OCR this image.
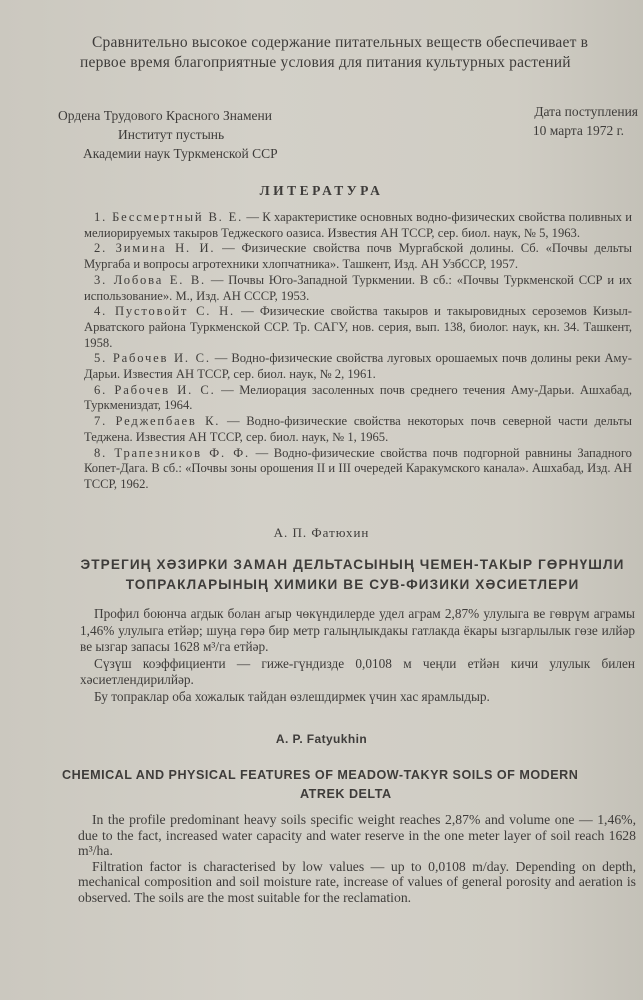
Сравнительно высокое содержание питательных веществ обеспечивает в первое время благоприятные условия для питания культурных растений
Ордена Трудового Красного Знамени
Институт пустынь
Академии наук Туркменской ССР
Дата поступления
10 марта 1972 г.
ЛИТЕРАТУРА
1. Бессмертный В. Е. — К характеристике основных водно-физических свойства поливных и мелиорируемых такыров Теджеского оазиса. Известия АН ТССР, сер. биол. наук, № 5, 1963.
2. Зимина Н. И. — Физические свойства почв Мургабской долины. Сб. «Почвы дельты Мургаба и вопросы агротехники хлопчатника». Ташкент, Изд. АН УзбССР, 1957.
3. Лобова Е. В. — Почвы Юго-Западной Туркмении. В сб.: «Почвы Туркменской ССР и их использование». М., Изд. АН СССР, 1953.
4. Пустовойт С. Н. — Физические свойства такыров и такыровидных сероземов Кизыл-Арватского района Туркменской ССР. Тр. САГУ, нов. серия, вып. 138, биолог. наук, кн. 34. Ташкент, 1958.
5. Рабочев И. С. — Водно-физические свойства луговых орошаемых почв долины реки Аму-Дарьи. Известия АН ТССР, сер. биол. наук, № 2, 1961.
6. Рабочев И. С. — Мелиорация засоленных почв среднего течения Аму-Дарьи. Ашхабад, Туркмениздат, 1964.
7. Реджепбаев К. — Водно-физические свойства некоторых почв северной части дельты Теджена. Известия АН ТССР, сер. биол. наук, № 1, 1965.
8. Трапезников Ф. Ф. — Водно-физические свойства почв подгорной равнины Западного Копет-Дага. В сб.: «Почвы зоны орошения II и III очередей Каракумского канала». Ашхабад, Изд. АН ТССР, 1962.
А. П. Фатюхин
ЭТРЕГИҢ ХӘЗИРКИ ЗАМАН ДЕЛЬТАСЫНЫҢ ЧЕМЕН-ТАКЫР ГӨРНҮШЛИ ТОПРАКЛАРЫНЫҢ ХИМИКИ ВЕ СУВ-ФИЗИКИ ХӘСИЕТЛЕРИ

Профил боюнча агдык болан агыр чөкүндилерде удел аграм 2,87% улулыга ве гөврүм аграмы 1,46% улулыга етйәр; шуңа гөрә бир метр галыңлыкдакы гатлакда ёкары ызгарлылык гөзе илйәр ве ызгар запасы 1628 м³/га етйәр.

Сүзүш коэффициенти — гиже-гүндизде 0,0108 м чеңли етйән кичи улулык билен хәсиетлендирилйәр.

Бу топраклар оба хожалык тайдан өзлешдирмек үчин хас ярамлыдыр.

A. P. Fatyukhin
CHEMICAL AND PHYSICAL FEATURES OF MEADOW-TAKYR SOILS OF MODERN
ATREK DELTA

In the profile predominant heavy soils specific weight reaches 2,87% and volume one — 1,46%, due to the fact, increased water capacity and water reserve in the one meter layer of soil reach 1628 m³/ha.

Filtration factor is characterised by low values — up to 0,0108 m/day. Depending on depth, mechanical composition and soil moisture rate, increase of values of general porosity and aeration is observed. The soils are the most suitable for the reclamation.
